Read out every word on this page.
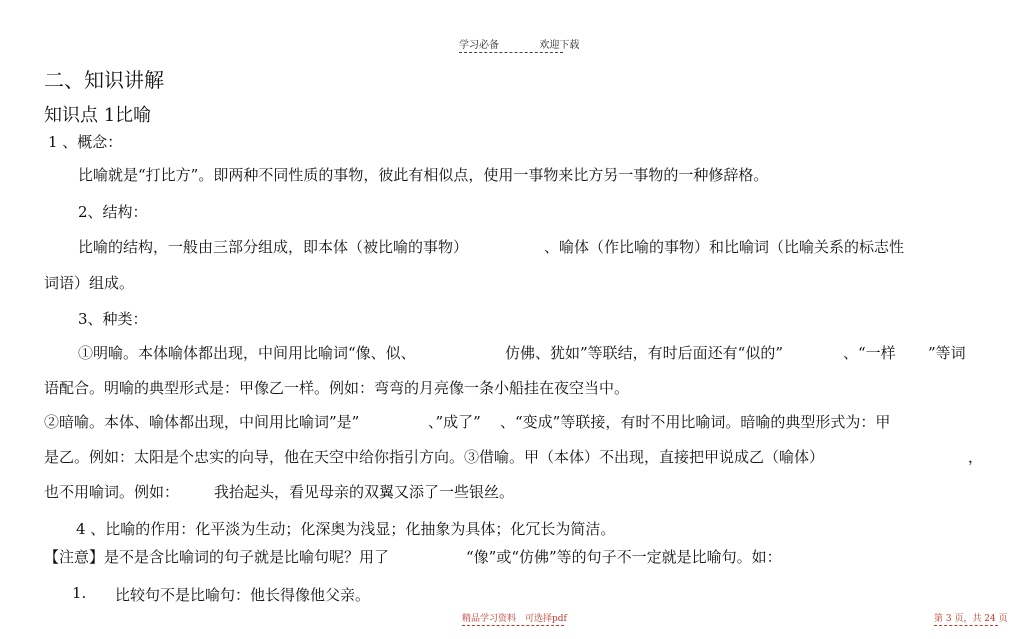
学习必备	欢迎下载
二、知识讲解
知识点 1比喻
1 、概念：
比喻就是“打比方”。即两种不同性质的事物，彼此有相似点，使用一事物来比方另一事物的一种修辞格。
2、结构：
比喻的结构，一般由三部分组成，即本体（被比喻的事物）	、喻体（作比喻的事物）和比喻词（比喻关系的标志性
词语）组成。
3、种类：
①明喻。本体喻体都出现，中间用比喻词“像、似、	仿佛、犹如”等联结，有时后面还有“似的”	、“一样 ”等词
语配合。明喻的典型形式是：甲像乙一样。例如：弯弯的月亮像一条小船挂在夜空当中。
②暗喻。本体、喻体都出现，中间用比喻词”是”	、”成了” 、“变成”等联接，有时不用比喻词。暗喻的典型形式为：甲
是乙。例如：太阳是个忠实的向导，他在天空中给你指引方向。③借喻。甲（本体）不出现，直接把甲说成乙（喻体）	，
也不用喻词。例如： 我抬起头，看见母亲的双翼又添了一些银丝。
4 、比喻的作用：化平淡为生动；化深奥为浅显；化抽象为具体；化冗长为简洁。
【注意】是不是含比喻词的句子就是比喻句呢？用了	“像”或“仿佛”等的句子不一定就是比喻句。如：
1. 比较句不是比喻句：他长得像他父亲。
精品学习资料　可选择pdf	第 3 页，共 24 页
